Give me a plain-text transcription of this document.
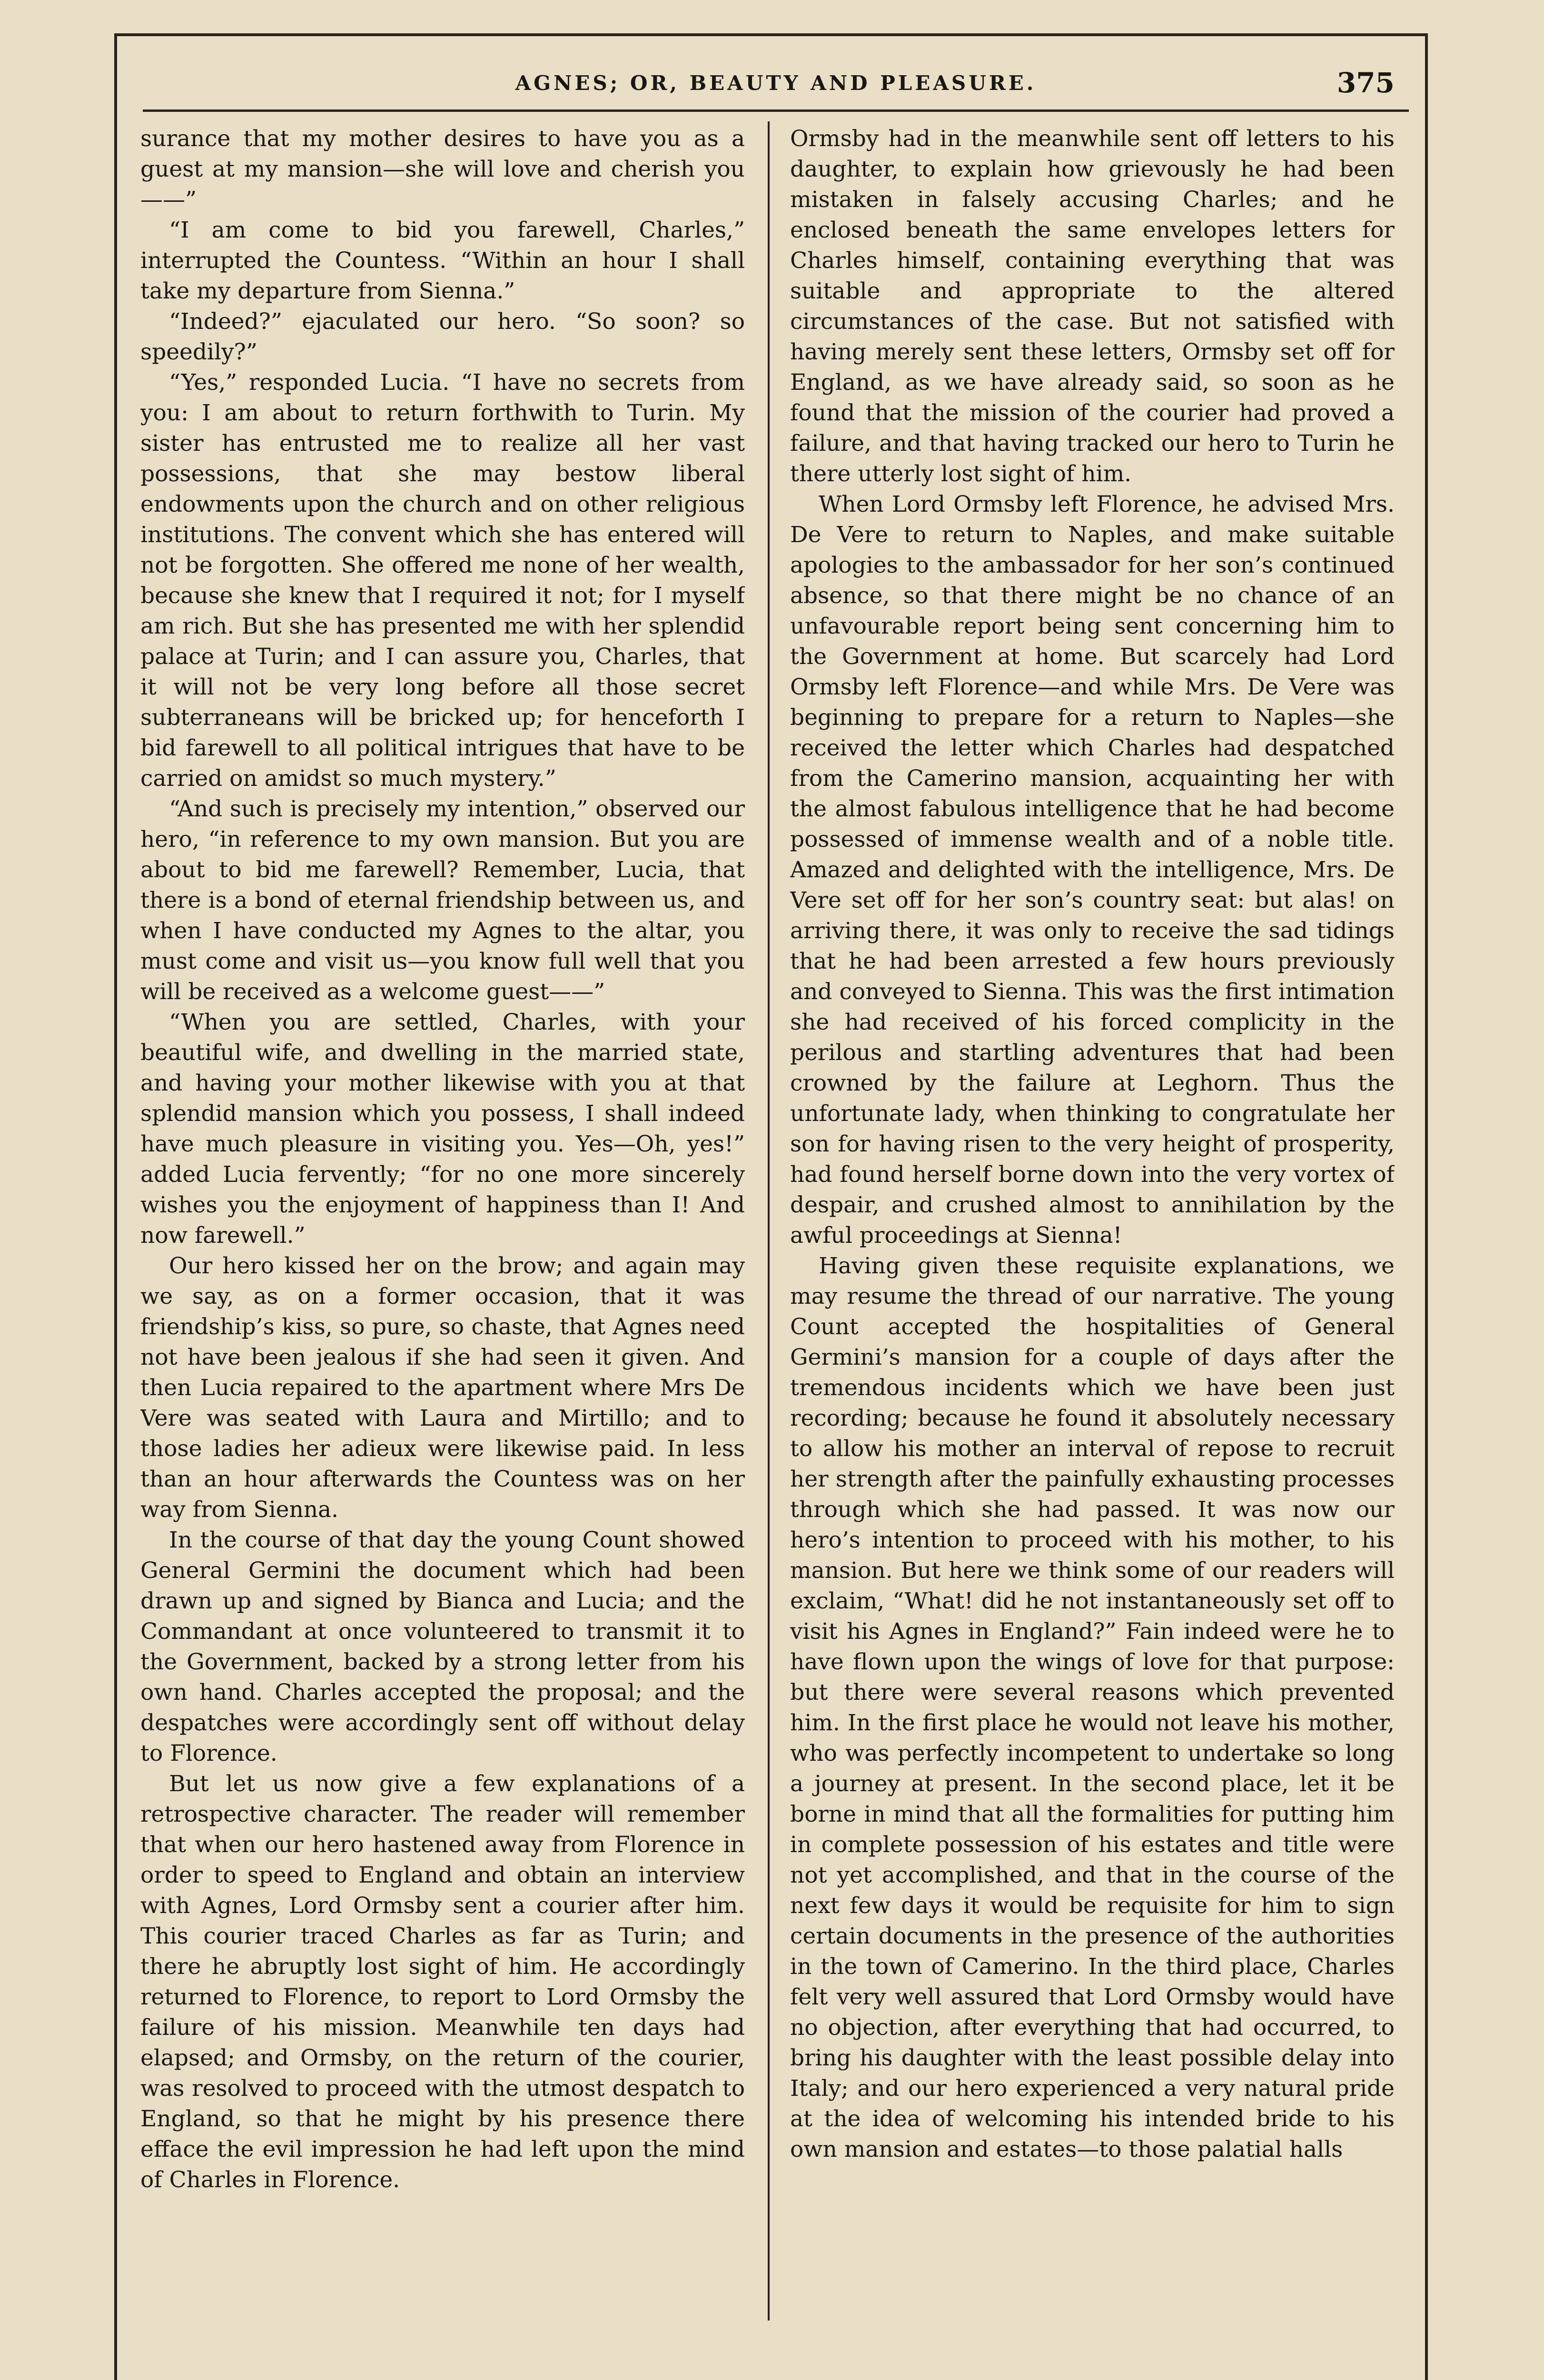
AGNES; OR, BEAUTY AND PLEASURE.	375

surance that my mother desires to have you as a guest at my mansion—she will love and cherish you——”

“I am come to bid you farewell, Charles,” interrupted the Countess. “Within an hour I shall take my departure from Sienna.”

“Indeed?” ejaculated our hero. “So soon? so speedily?”

“Yes,” responded Lucia. “I have no secrets from you: I am about to return forthwith to Turin. My sister has entrusted me to realize all her vast possessions, that she may bestow liberal endowments upon the church and on other religious institutions. The convent which she has entered will not be forgotten. She offered me none of her wealth, because she knew that I required it not; for I myself am rich. But she has presented me with her splendid palace at Turin; and I can assure you, Charles, that it will not be very long before all those secret subterraneans will be bricked up; for henceforth I bid farewell to all political intrigues that have to be carried on amidst so much mystery.”

“And such is precisely my intention,” observed our hero, “in reference to my own mansion. But you are about to bid me farewell? Remember, Lucia, that there is a bond of eternal friendship between us, and when I have conducted my Agnes to the altar, you must come and visit us—you know full well that you will be received as a welcome guest——”

“When you are settled, Charles, with your beautiful wife, and dwelling in the married state, and having your mother likewise with you at that splendid mansion which you possess, I shall indeed have much pleasure in visiting you. Yes—Oh, yes!” added Lucia fervently; “for no one more sincerely wishes you the enjoyment of happiness than I! And now farewell.”

Our hero kissed her on the brow; and again may we say, as on a former occasion, that it was friendship’s kiss, so pure, so chaste, that Agnes need not have been jealous if she had seen it given. And then Lucia repaired to the apartment where Mrs De Vere was seated with Laura and Mirtillo; and to those ladies her adieux were likewise paid. In less than an hour afterwards the Countess was on her way from Sienna.

In the course of that day the young Count showed General Germini the document which had been drawn up and signed by Bianca and Lucia; and the Commandant at once volunteered to transmit it to the Government, backed by a strong letter from his own hand. Charles accepted the proposal; and the despatches were accordingly sent off without delay to Florence.

But let us now give a few explanations of a retrospective character. The reader will remember that when our hero hastened away from Florence in order to speed to England and obtain an interview with Agnes, Lord Ormsby sent a courier after him. This courier traced Charles as far as Turin; and there he abruptly lost sight of him. He accordingly returned to Florence, to report to Lord Ormsby the failure of his mission. Meanwhile ten days had elapsed; and Ormsby, on the return of the courier, was resolved to proceed with the utmost despatch to England, so that he might by his presence there efface the evil impression he had left upon the mind of Charles in Florence.

Ormsby had in the meanwhile sent off letters to his daughter, to explain how grievously he had been mistaken in falsely accusing Charles; and he enclosed beneath the same envelopes letters for Charles himself, containing everything that was suitable and appropriate to the altered circumstances of the case. But not satisfied with having merely sent these letters, Ormsby set off for England, as we have already said, so soon as he found that the mission of the courier had proved a failure, and that having tracked our hero to Turin he there utterly lost sight of him.

When Lord Ormsby left Florence, he advised Mrs. De Vere to return to Naples, and make suitable apologies to the ambassador for her son’s continued absence, so that there might be no chance of an unfavourable report being sent concerning him to the Government at home. But scarcely had Lord Ormsby left Florence—and while Mrs. De Vere was beginning to prepare for a return to Naples—she received the letter which Charles had despatched from the Camerino mansion, acquainting her with the almost fabulous intelligence that he had become possessed of immense wealth and of a noble title. Amazed and delighted with the intelligence, Mrs. De Vere set off for her son’s country seat: but alas! on arriving there, it was only to receive the sad tidings that he had been arrested a few hours previously and conveyed to Sienna. This was the first intimation she had received of his forced complicity in the perilous and startling adventures that had been crowned by the failure at Leghorn. Thus the unfortunate lady, when thinking to congratulate her son for having risen to the very height of prosperity, had found herself borne down into the very vortex of despair, and crushed almost to annihilation by the awful proceedings at Sienna!

Having given these requisite explanations, we may resume the thread of our narrative. The young Count accepted the hospitalities of General Germini’s mansion for a couple of days after the tremendous incidents which we have been just recording; because he found it absolutely necessary to allow his mother an interval of repose to recruit her strength after the painfully exhausting processes through which she had passed. It was now our hero’s intention to proceed with his mother, to his mansion. But here we think some of our readers will exclaim, “What! did he not instantaneously set off to visit his Agnes in England?” Fain indeed were he to have flown upon the wings of love for that purpose: but there were several reasons which prevented him. In the first place he would not leave his mother, who was perfectly incompetent to undertake so long a journey at present. In the second place, let it be borne in mind that all the formalities for putting him in complete possession of his estates and title were not yet accomplished, and that in the course of the next few days it would be requisite for him to sign certain documents in the presence of the authorities in the town of Camerino. In the third place, Charles felt very well assured that Lord Ormsby would have no objection, after everything that had occurred, to bring his daughter with the least possible delay into Italy; and our hero experienced a very natural pride at the idea of welcoming his intended bride to his own mansion and estates—to those palatial halls
